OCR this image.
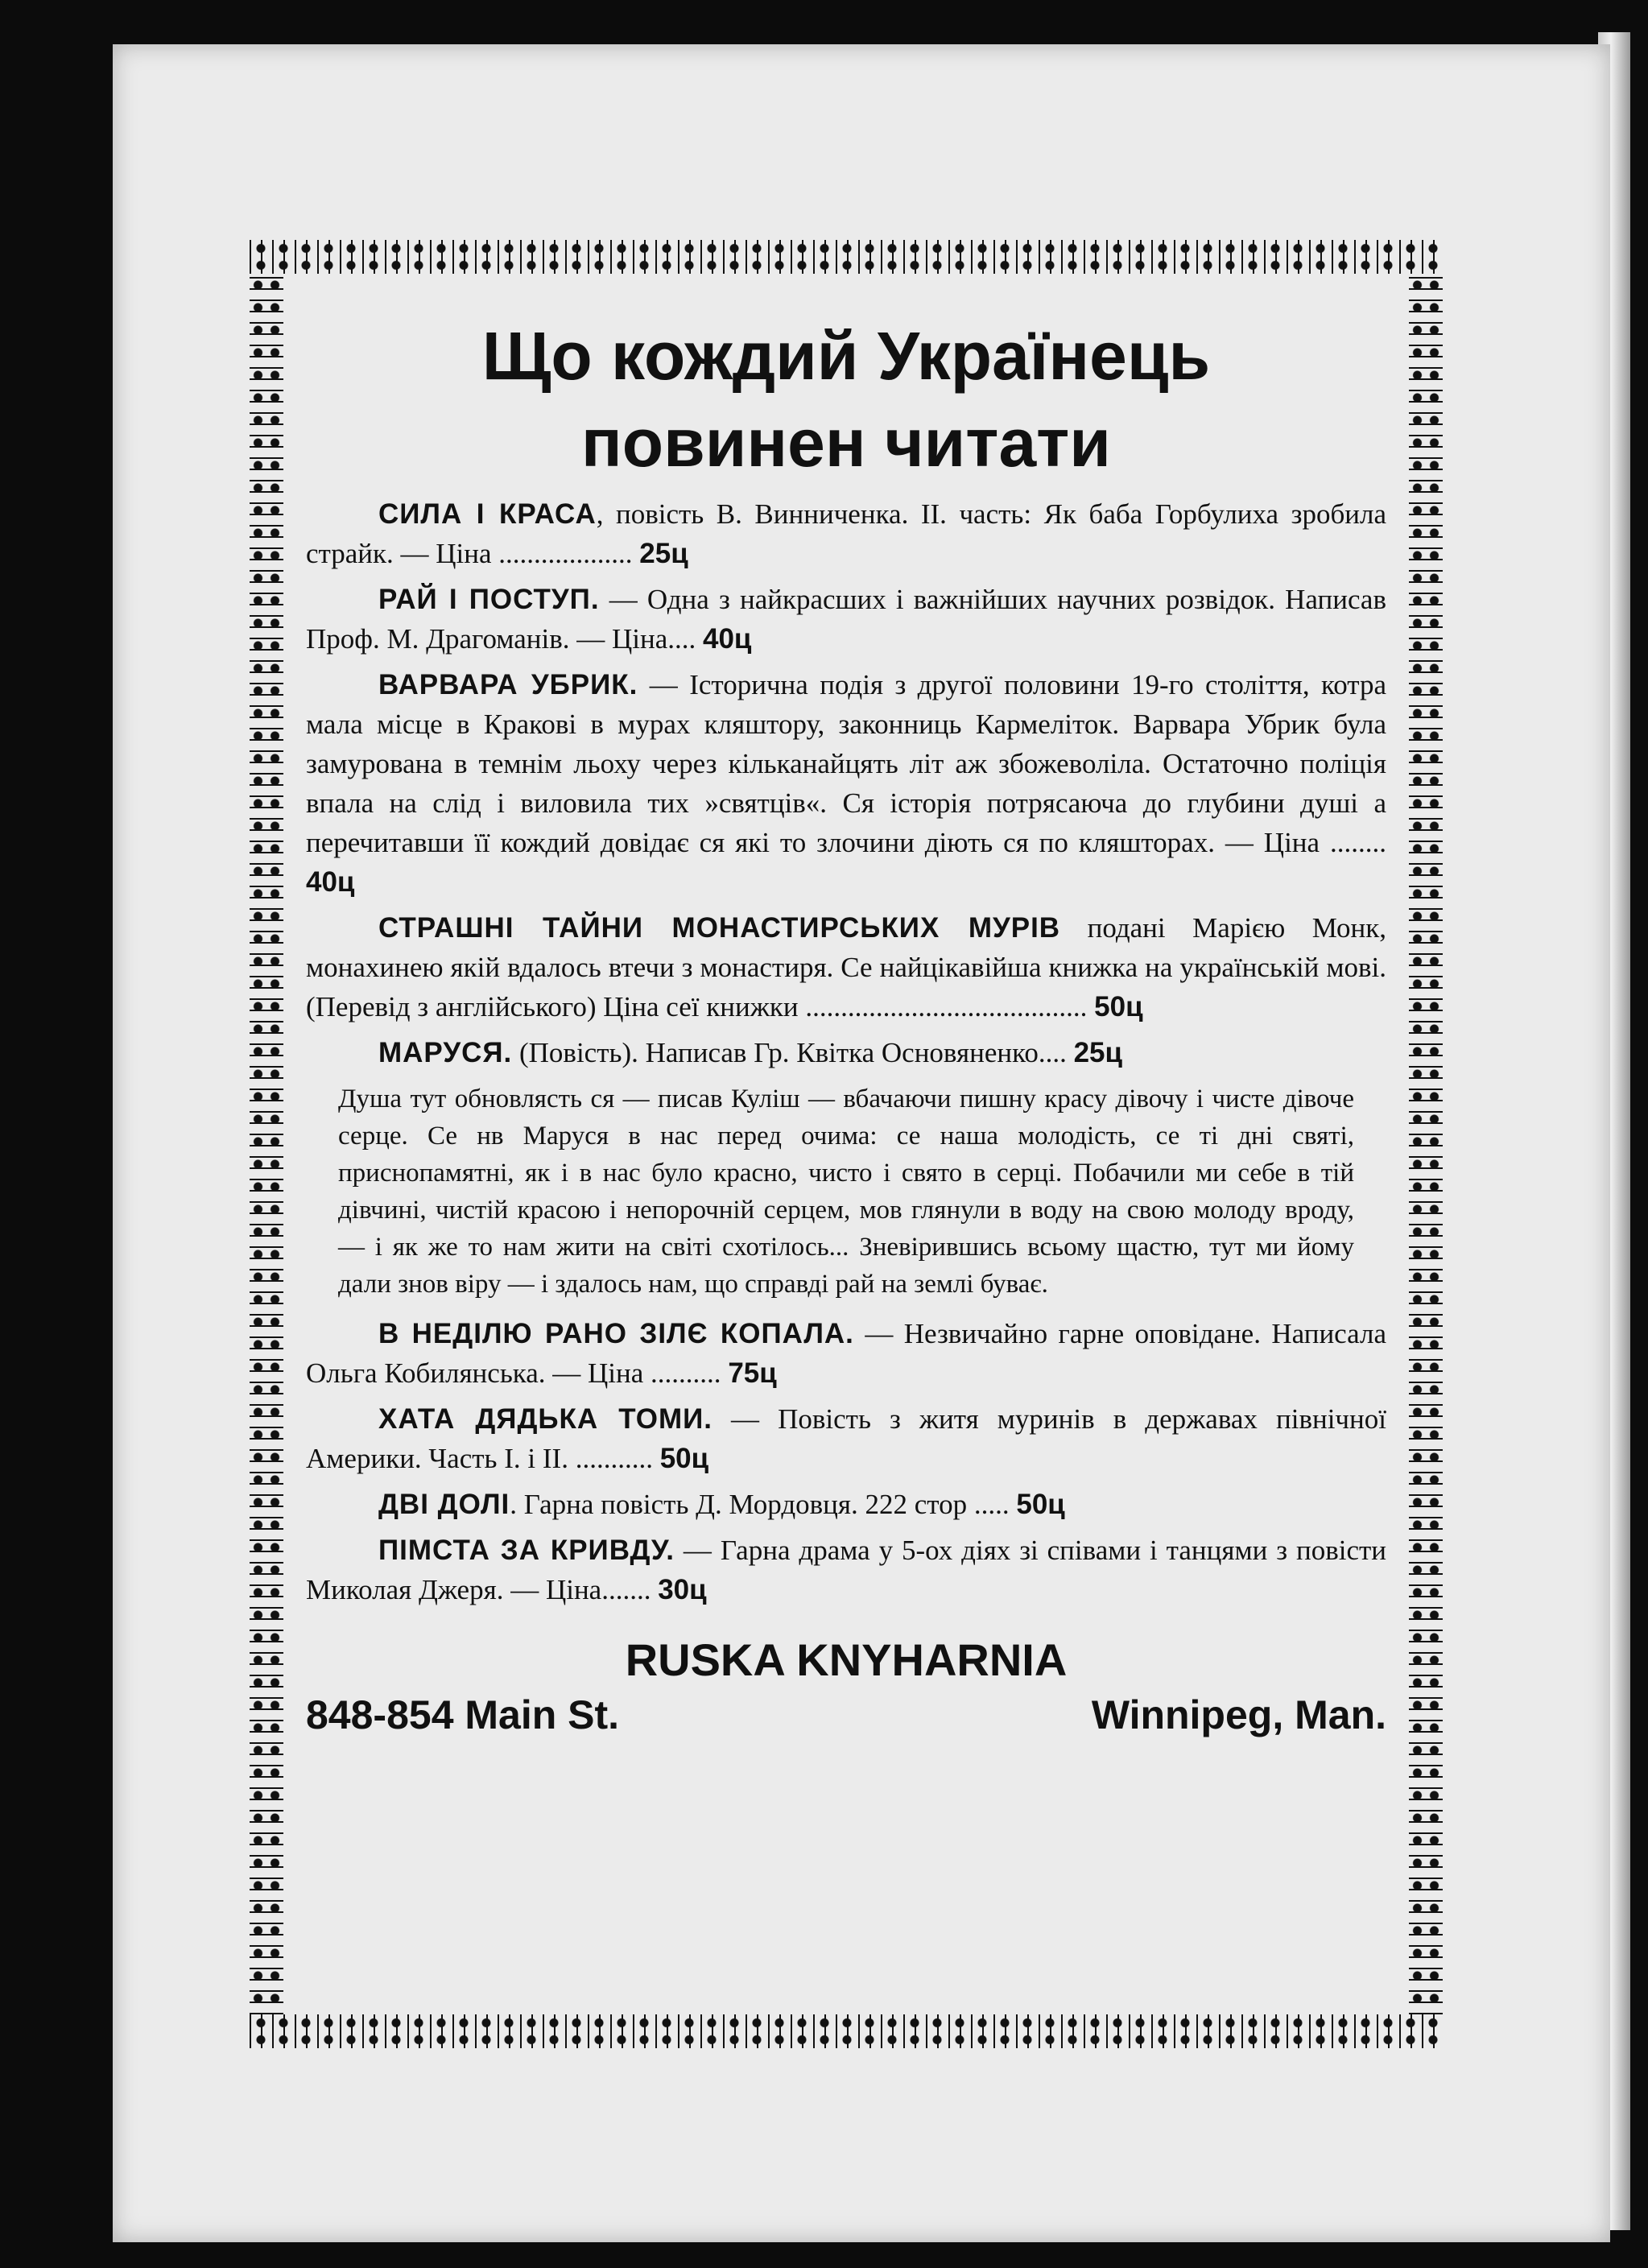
Що кождий Українець
повинен читати

СИЛА І КРАСА, повість В. Винниченка. ІІ. часть: Як баба Горбулиха зробила страйк. — Ціна ................... 25ц

РАЙ І ПОСТУП. — Одна з найкрасших і важнійших научних розвідок. Написав Проф. М. Драгоманів. — Ціна.... 40ц

ВАРВАРА УБРИК. — Історична подія з другої половини 19-го століття, котра мала місце в Кракові в мурах кляштору, законниць Кармеліток. Варвара Убрик була замурована в темнім льоху через кільканайцять літ аж збожеволіла. Остаточно поліція впала на слід і виловила тих »святців«. Ся історія потрясаюча до глубини душі а перечитавши її кождий довідає ся які то злочини діють ся по кляшторах. — Ціна ........ 40ц

СТРАШНІ ТАЙНИ МОНАСТИРСЬКИХ МУРІВ подані Марією Монк, монахинею якій вдалось втечи з монастиря. Се найцікавійша книжка на українській мові. (Перевід з англійського) Ціна сеї книжки ........................................ 50ц

МАРУСЯ. (Повість). Написав Гр. Квітка Основяненко.... 25ц

Душа тут обновлясть ся — писав Куліш — вбачаючи пишну красу дівочу і чисте дівоче серце. Се нв Маруся в нас перед очима: се наша молодість, се ті дні святі, приснопамятні, як і в нас було красно, чисто і свято в серці. Побачили ми себе в тій дівчині, чистій красою і непорочній серцем, мов глянули в воду на свою молоду вроду, — і як же то нам жити на світі схотілось... Зневірившись всьому щастю, тут ми йому дали знов віру — і здалось нам, що справді рай на землі буває.

В НЕДІЛЮ РАНО ЗІЛЄ КОПАЛА. — Незвичайно гарне оповідане. Написала Ольга Кобилянська. — Ціна .......... 75ц

ХАТА ДЯДЬКА ТОМИ. — Повість з житя муринів в державах північної Америки. Часть І. і ІІ. ........... 50ц

ДВІ ДОЛІ. Гарна повість Д. Мордовця. 222 стор ..... 50ц

ПІМСТА ЗА КРИВДУ. — Гарна драма у 5-ох діях зі співами і танцями з повісти Миколая Джеря. — Ціна....... 30ц

RUSKA KNYHARNIA
848-854 Main St.	Winnipeg, Man.
